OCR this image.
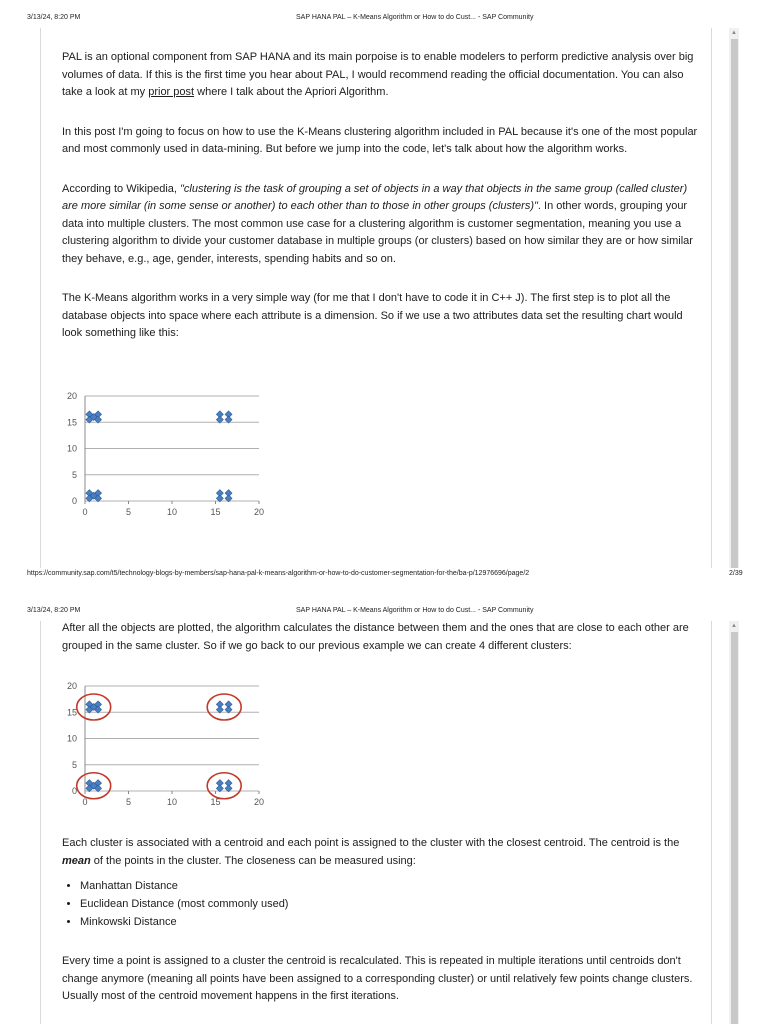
3/13/24, 8:20 PM	SAP HANA PAL – K-Means Algorithm or How to do Cust... - SAP Community
▲

PAL is an optional component from SAP HANA and its main porpoise is to enable modelers to perform predictive analysis over big volumes of data. If this is the first time you hear about PAL, I would recommend reading the official documentation. You can also take a look at my prior post where I talk about the Apriori Algorithm.

In this post I'm going to focus on how to use the K-Means clustering algorithm included in PAL because it's one of the most popular and most commonly used in data-mining. But before we jump into the code, let's talk about how the algorithm works.

According to Wikipedia, "clustering is the task of grouping a set of objects in a way that objects in the same group (called cluster) are more similar (in some sense or another) to each other than to those in other groups (clusters)". In other words, grouping your data into multiple clusters. The most common use case for a clustering algorithm is customer segmentation, meaning you use a clustering algorithm to divide your customer database in multiple groups (or clusters) based on how similar they are or how similar they behave, e.g., age, gender, interests, spending habits and so on.

The K-Means algorithm works in a very simple way (for me that I don't have to code it in C++ J). The first step is to plot all the database objects into space where each attribute is a dimension. So if we use a two attributes data set the resulting chart would look something like this:

0
5
10
15
20
0	5	10	15	20
https://community.sap.com/t5/technology-blogs-by-members/sap-hana-pal-k-means-algorithm-or-how-to-do-customer-segmentation-for-the/ba-p/12976696/page/2	2/39
3/13/24, 8:20 PM	SAP HANA PAL – K-Means Algorithm or How to do Cust... - SAP Community
▲

After all the objects are plotted, the algorithm calculates the distance between them and the ones that are close to each other are grouped in the same cluster. So if we go back to our previous example we can create 4 different clusters:

0
5
10
15
20
0	5	10	15	20

Each cluster is associated with a centroid and each point is assigned to the cluster with the closest centroid. The centroid is the mean of the points in the cluster. The closeness can be measured using:

• Manhattan Distance
• Euclidean Distance (most commonly used)
• Minkowski Distance

Every time a point is assigned to a cluster the centroid is recalculated. This is repeated in multiple iterations until centroids don't change anymore (meaning all points have been assigned to a corresponding cluster) or until relatively few points change clusters. Usually most of the centroid movement happens in the first iterations.
